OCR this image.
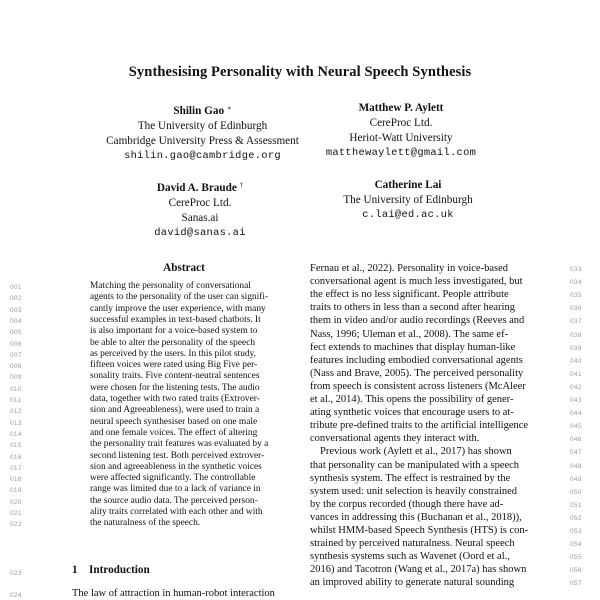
Synthesising Personality with Neural Speech Synthesis
Shilin Gao ∗
The University of Edinburgh
Cambridge University Press & Assessment
shilin.gao@cambridge.org
Matthew P. Aylett
CereProc Ltd.
Heriot-Watt University
matthewaylett@gmail.com
David A. Braude †
CereProc Ltd.
Sanas.ai
david@sanas.ai
Catherine Lai
The University of Edinburgh
c.lai@ed.ac.uk
Abstract
Matching the personality of conversational
001
agents to the personality of the user can signifi-
002
cantly improve the user experience, with many
003
successful examples in text-based chatbots. It
004
is also important for a voice-based system to
005
be able to alter the personality of the speech
006
as perceived by the users. In this pilot study,
007
fifteen voices were rated using Big Five per-
008
sonality traits. Five content-neutral sentences
009
were chosen for the listening tests. The audio
010
data, together with two rated traits (Extrover-
011
sion and Agreeableness), were used to train a
012
neural speech synthesiser based on one male
013
and one female voices. The effect of altering
014
the personality trait features was evaluated by a
015
second listening test. Both perceived extrover-
016
sion and agreeableness in the synthetic voices
017
were affected significantly. The controllable
018
range was limited due to a lack of variance in
019
the source audio data. The perceived person-
020
ality traits correlated with each other and with
021
the naturalness of the speech.
022
Fernau et al., 2022). Personality in voice-based	033
conversational agent is much less investigated, but	034
the effect is no less significant. People attribute	035
traits to others in less than a second after hearing	036
them in video and/or audio recordings (Reeves and	037
Nass, 1996; Uleman et al., 2008). The same ef-	038
fect extends to machines that display human-like	039
features including embodied conversational agents	040
(Nass and Brave, 2005). The perceived personality	041
from speech is consistent across listeners (McAleer	042
et al., 2014). This opens the possibility of gener-	043
ating synthetic voices that encourage users to at-	044
tribute pre-defined traits to the artificial intelligence	045
conversational agents they interact with.	046
Previous work (Aylett et al., 2017) has shown	047
that personality can be manipulated with a speech	048
synthesis system. The effect is restrained by the	049
system used: unit selection is heavily constrained	050
by the corpus recorded (though there have ad-	051
vances in addressing this (Buchanan et al., 2018)),	052
whilst HMM-based Speech Synthesis (HTS) is con-	053
strained by perceived naturalness. Neural speech	054
synthesis systems such as Wavenet (Oord et al.,	055
2016) and Tacotron (Wang et al., 2017a) has shown	056
an improved ability to generate natural sounding	057
023	1 Introduction
024	The law of attraction in human-robot interaction
